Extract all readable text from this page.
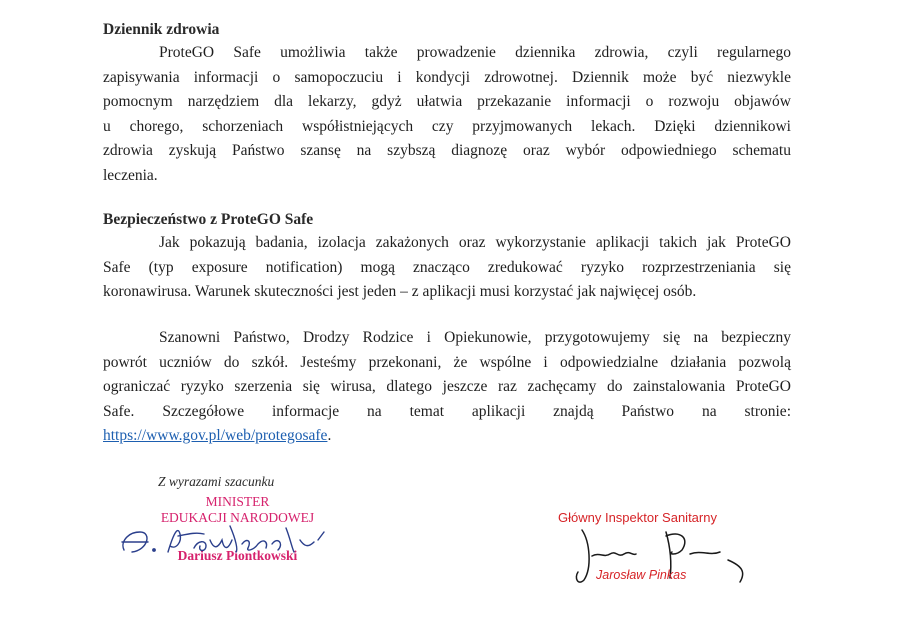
Dziennik zdrowia

ProteGO Safe umożliwia także prowadzenie dziennika zdrowia, czyli regularnego
zapisywania informacji o samopoczuciu i kondycji zdrowotnej. Dziennik może być niezwykle
pomocnym narzędziem dla lekarzy, gdyż ułatwia przekazanie informacji o rozwoju objawów
u chorego, schorzeniach współistniejących czy przyjmowanych lekach. Dzięki dziennikowi
zdrowia zyskują Państwo szansę na szybszą diagnozę oraz wybór odpowiedniego schematu
leczenia.

Bezpieczeństwo z ProteGO Safe

Jak pokazują badania, izolacja zakażonych oraz wykorzystanie aplikacji takich jak ProteGO
Safe (typ exposure notification) mogą znacząco zredukować ryzyko rozprzestrzeniania się
koronawirusa. Warunek skuteczności jest jeden – z aplikacji musi korzystać jak najwięcej osób.
Szanowni Państwo, Drodzy Rodzice i Opiekunowie, przygotowujemy się na bezpieczny
powrót uczniów do szkół. Jesteśmy przekonani, że wspólne i odpowiedzialne działania pozwolą
ograniczać ryzyko szerzenia się wirusa, dlatego jeszcze raz zachęcamy do zainstalowania ProteGO
Safe. Szczegółowe informacje na temat aplikacji znajdą Państwo na stronie:
https://www.gov.pl/web/protegosafe.
Z wyrazami szacunku
MINISTER
EDUKACJI NARODOWEJ
Dariusz Piontkowski
Główny Inspektor Sanitarny
Jarosław Pinkas
